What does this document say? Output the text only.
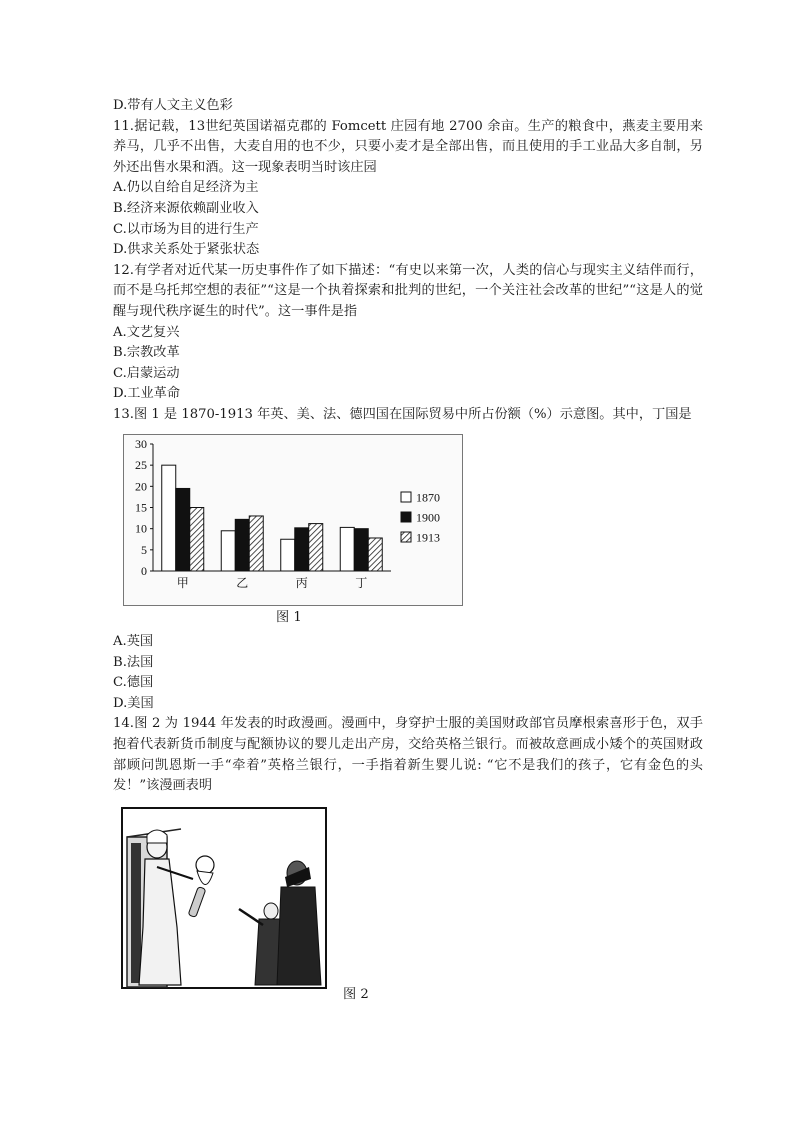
D.带有人文主义色彩
11.据记载，13世纪英国诺福克郡的 Fomcett 庄园有地 2700 余亩。生产的粮食中，燕麦主要用来养马，几乎不出售，大麦自用的也不少，只要小麦才是全部出售，而且使用的手工业品大多自制，另外还出售水果和酒。这一现象表明当时该庄园
A.仍以自给自足经济为主
B.经济来源依赖副业收入
C.以市场为目的进行生产
D.供求关系处于紧张状态
12.有学者对近代某一历史事件作了如下描述：“有史以来第一次，人类的信心与现实主义结伴而行，而不是乌托邦空想的表征”“这是一个执着探索和批判的世纪，一个关注社会改革的世纪”“这是人的觉醒与现代秩序诞生的时代”。这一事件是指
A.文艺复兴
B.宗教改革
C.启蒙运动
D.工业革命
13.图 1 是 1870-1913 年英、美、法、德四国在国际贸易中所占份额（%）示意图。其中，丁国是
0
5
10
15
20
25
30
甲	乙	丙	丁
1870
1900
1913
图 1
A.英国
B.法国
C.德国
D.美国
14.图 2 为 1944 年发表的时政漫画。漫画中，身穿护士服的美国财政部官员摩根索喜形于色，双手抱着代表新货币制度与配额协议的婴儿走出产房，交给英格兰银行。而被故意画成小矮个的英国财政部顾问凯恩斯一手“牵着”英格兰银行，一手指着新生婴儿说: “它不是我们的孩子，它有金色的头发！”该漫画表明
图 2
